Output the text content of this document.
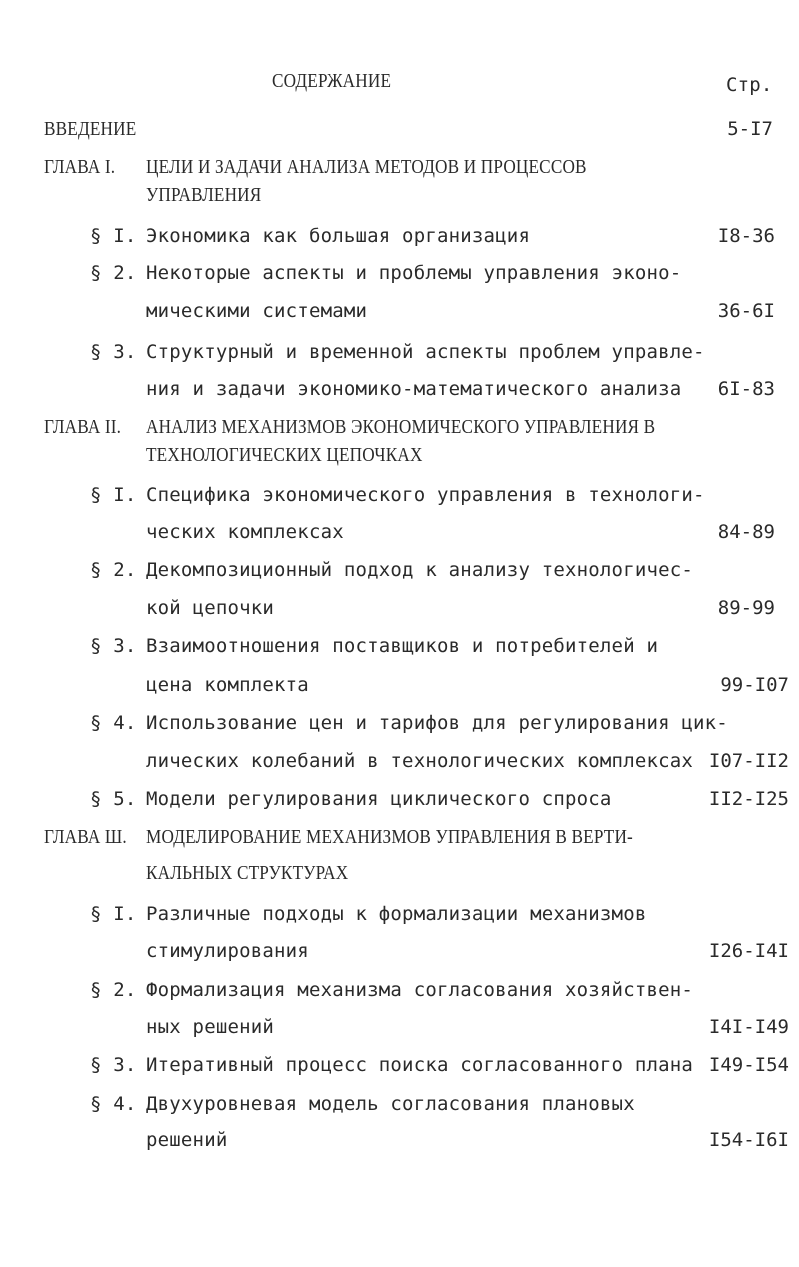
СОДЕРЖАНИЕ	Стр.
ВВЕДЕНИЕ	5-I7
ГЛАВА I. ЦЕЛИ И ЗАДАЧИ АНАЛИЗА МЕТОДОВ И ПРОЦЕССОВ
УПРАВЛЕНИЯ
§ I. Экономика как большая организация	I8-36
§ 2. Некоторые аспекты и проблемы управления эконо-
мическими системами	36-6I
§ 3. Структурный и временной аспекты проблем управле-
ния и задачи экономико-математического анализа 6I-83
ГЛАВА II. АНАЛИЗ МЕХАНИЗМОВ ЭКОНОМИЧЕСКОГО УПРАВЛЕНИЯ В
ТЕХНОЛОГИЧЕСКИХ ЦЕПОЧКАХ
§ I. Специфика экономического управления в технологи-
ческих комплексах	84-89
§ 2. Декомпозиционный подход к анализу технологичес-
кой цепочки	89-99
§ 3. Взаимоотношения поставщиков и потребителей и
цена комплекта	99-I07
§ 4. Использование цен и тарифов для регулирования цик-
лических колебаний в технологических комплексах I07-II2
§ 5. Модели регулирования циклического спроса	II2-I25
ГЛАВА Ш. МОДЕЛИРОВАНИЕ МЕХАНИЗМОВ УПРАВЛЕНИЯ В ВЕРТИ-
КАЛЬНЫХ СТРУКТУРАХ
§ I. Различные подходы к формализации механизмов
стимулирования	I26-I4I
§ 2. Формализация механизма согласования хозяйствен-
ных решений	I4I-I49
§ 3. Итеративный процесс поиска согласованного плана I49-I54
§ 4. Двухуровневая модель согласования плановых
решений	I54-I6I
